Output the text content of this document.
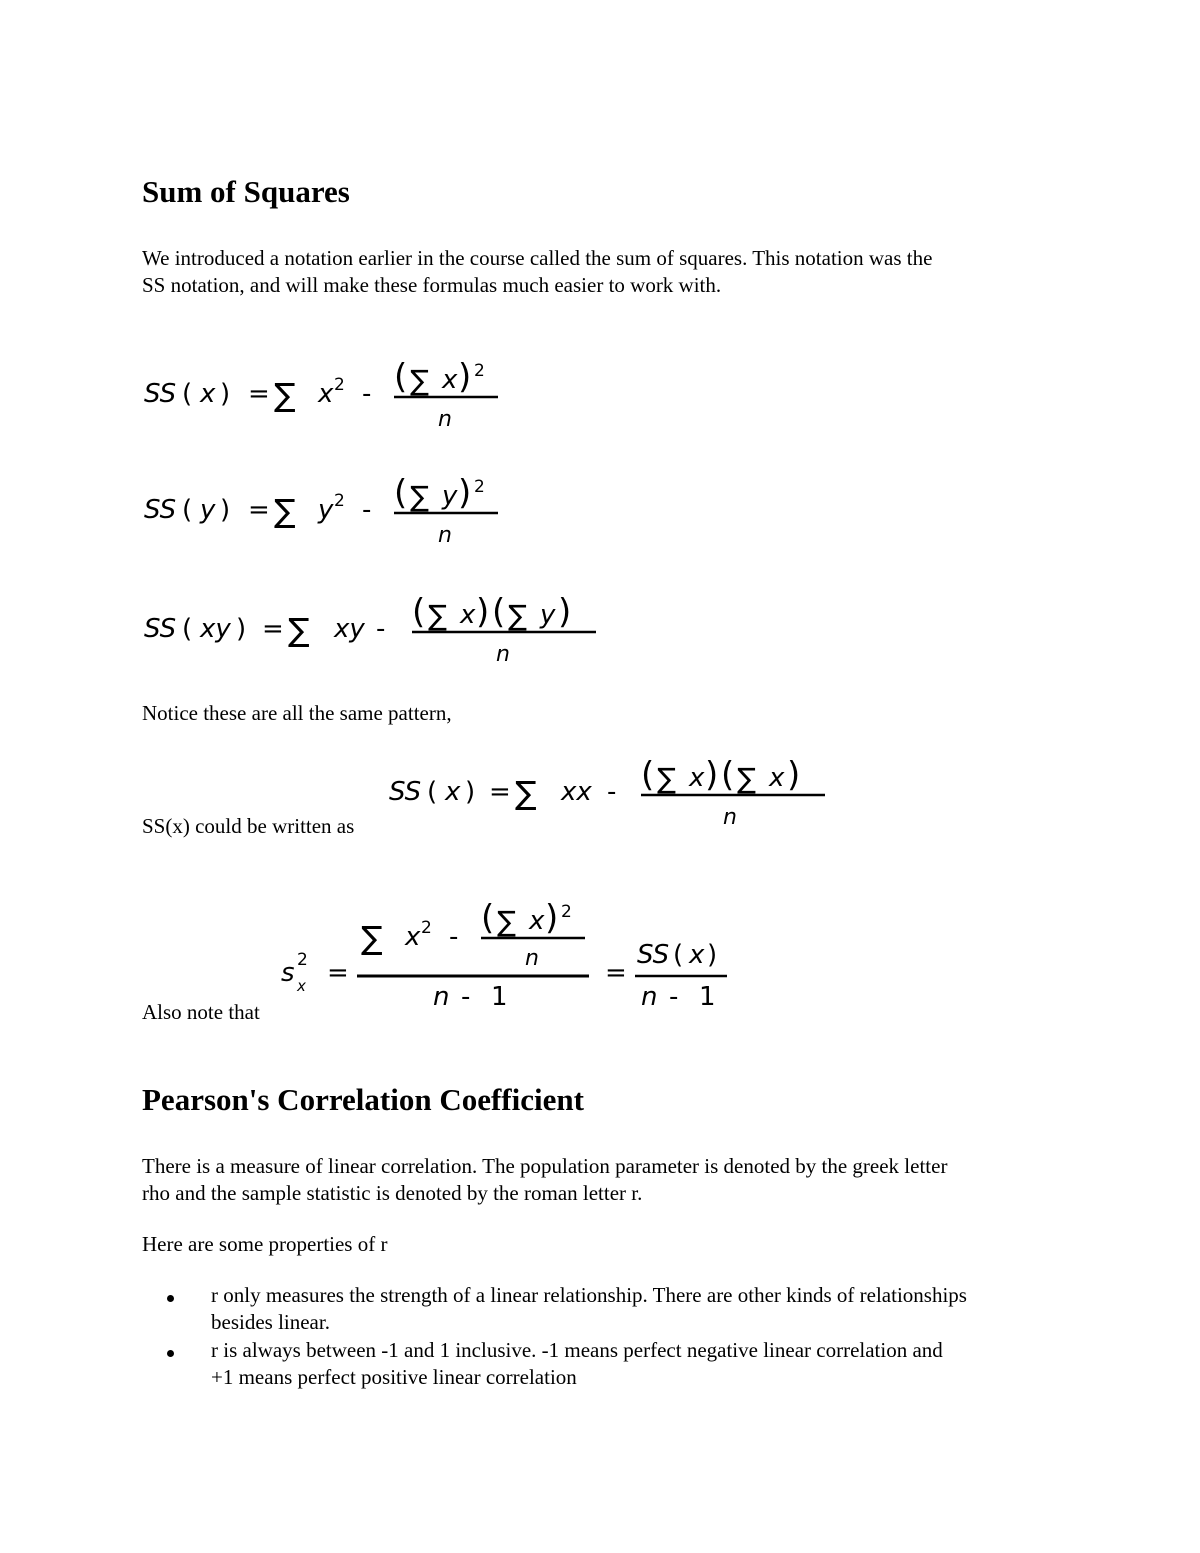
Sum of Squares

We introduced a notation earlier in the course called the sum of squares. This notation was the

SS notation, and will make these formulas much easier to work with.

SS ( x ) = ∑ x 2 - ( ∑ x ) 2
n
SS ( y ) = ∑ y 2 - ( ∑ y ) 2
n
SS ( xy ) = ∑ xy - ( ∑ x ) ( ∑ y )
n

Notice these are all the same pattern,

SS ( x ) = ∑ xx - ( ∑ x ) ( ∑ x )
n

SS(x) could be written as

s 2
x =
∑ x 2 - ( ∑ x ) 2
n
n - 1
=
SS ( x )
n - 1

Also note that

Pearson's Correlation Coefficient

There is a measure of linear correlation. The population parameter is denoted by the greek letter

rho and the sample statistic is denoted by the roman letter r.

Here are some properties of r

r only measures the strength of a linear relationship. There are other kinds of relationships

besides linear.

r is always between -1 and 1 inclusive. -1 means perfect negative linear correlation and

+1 means perfect positive linear correlation
